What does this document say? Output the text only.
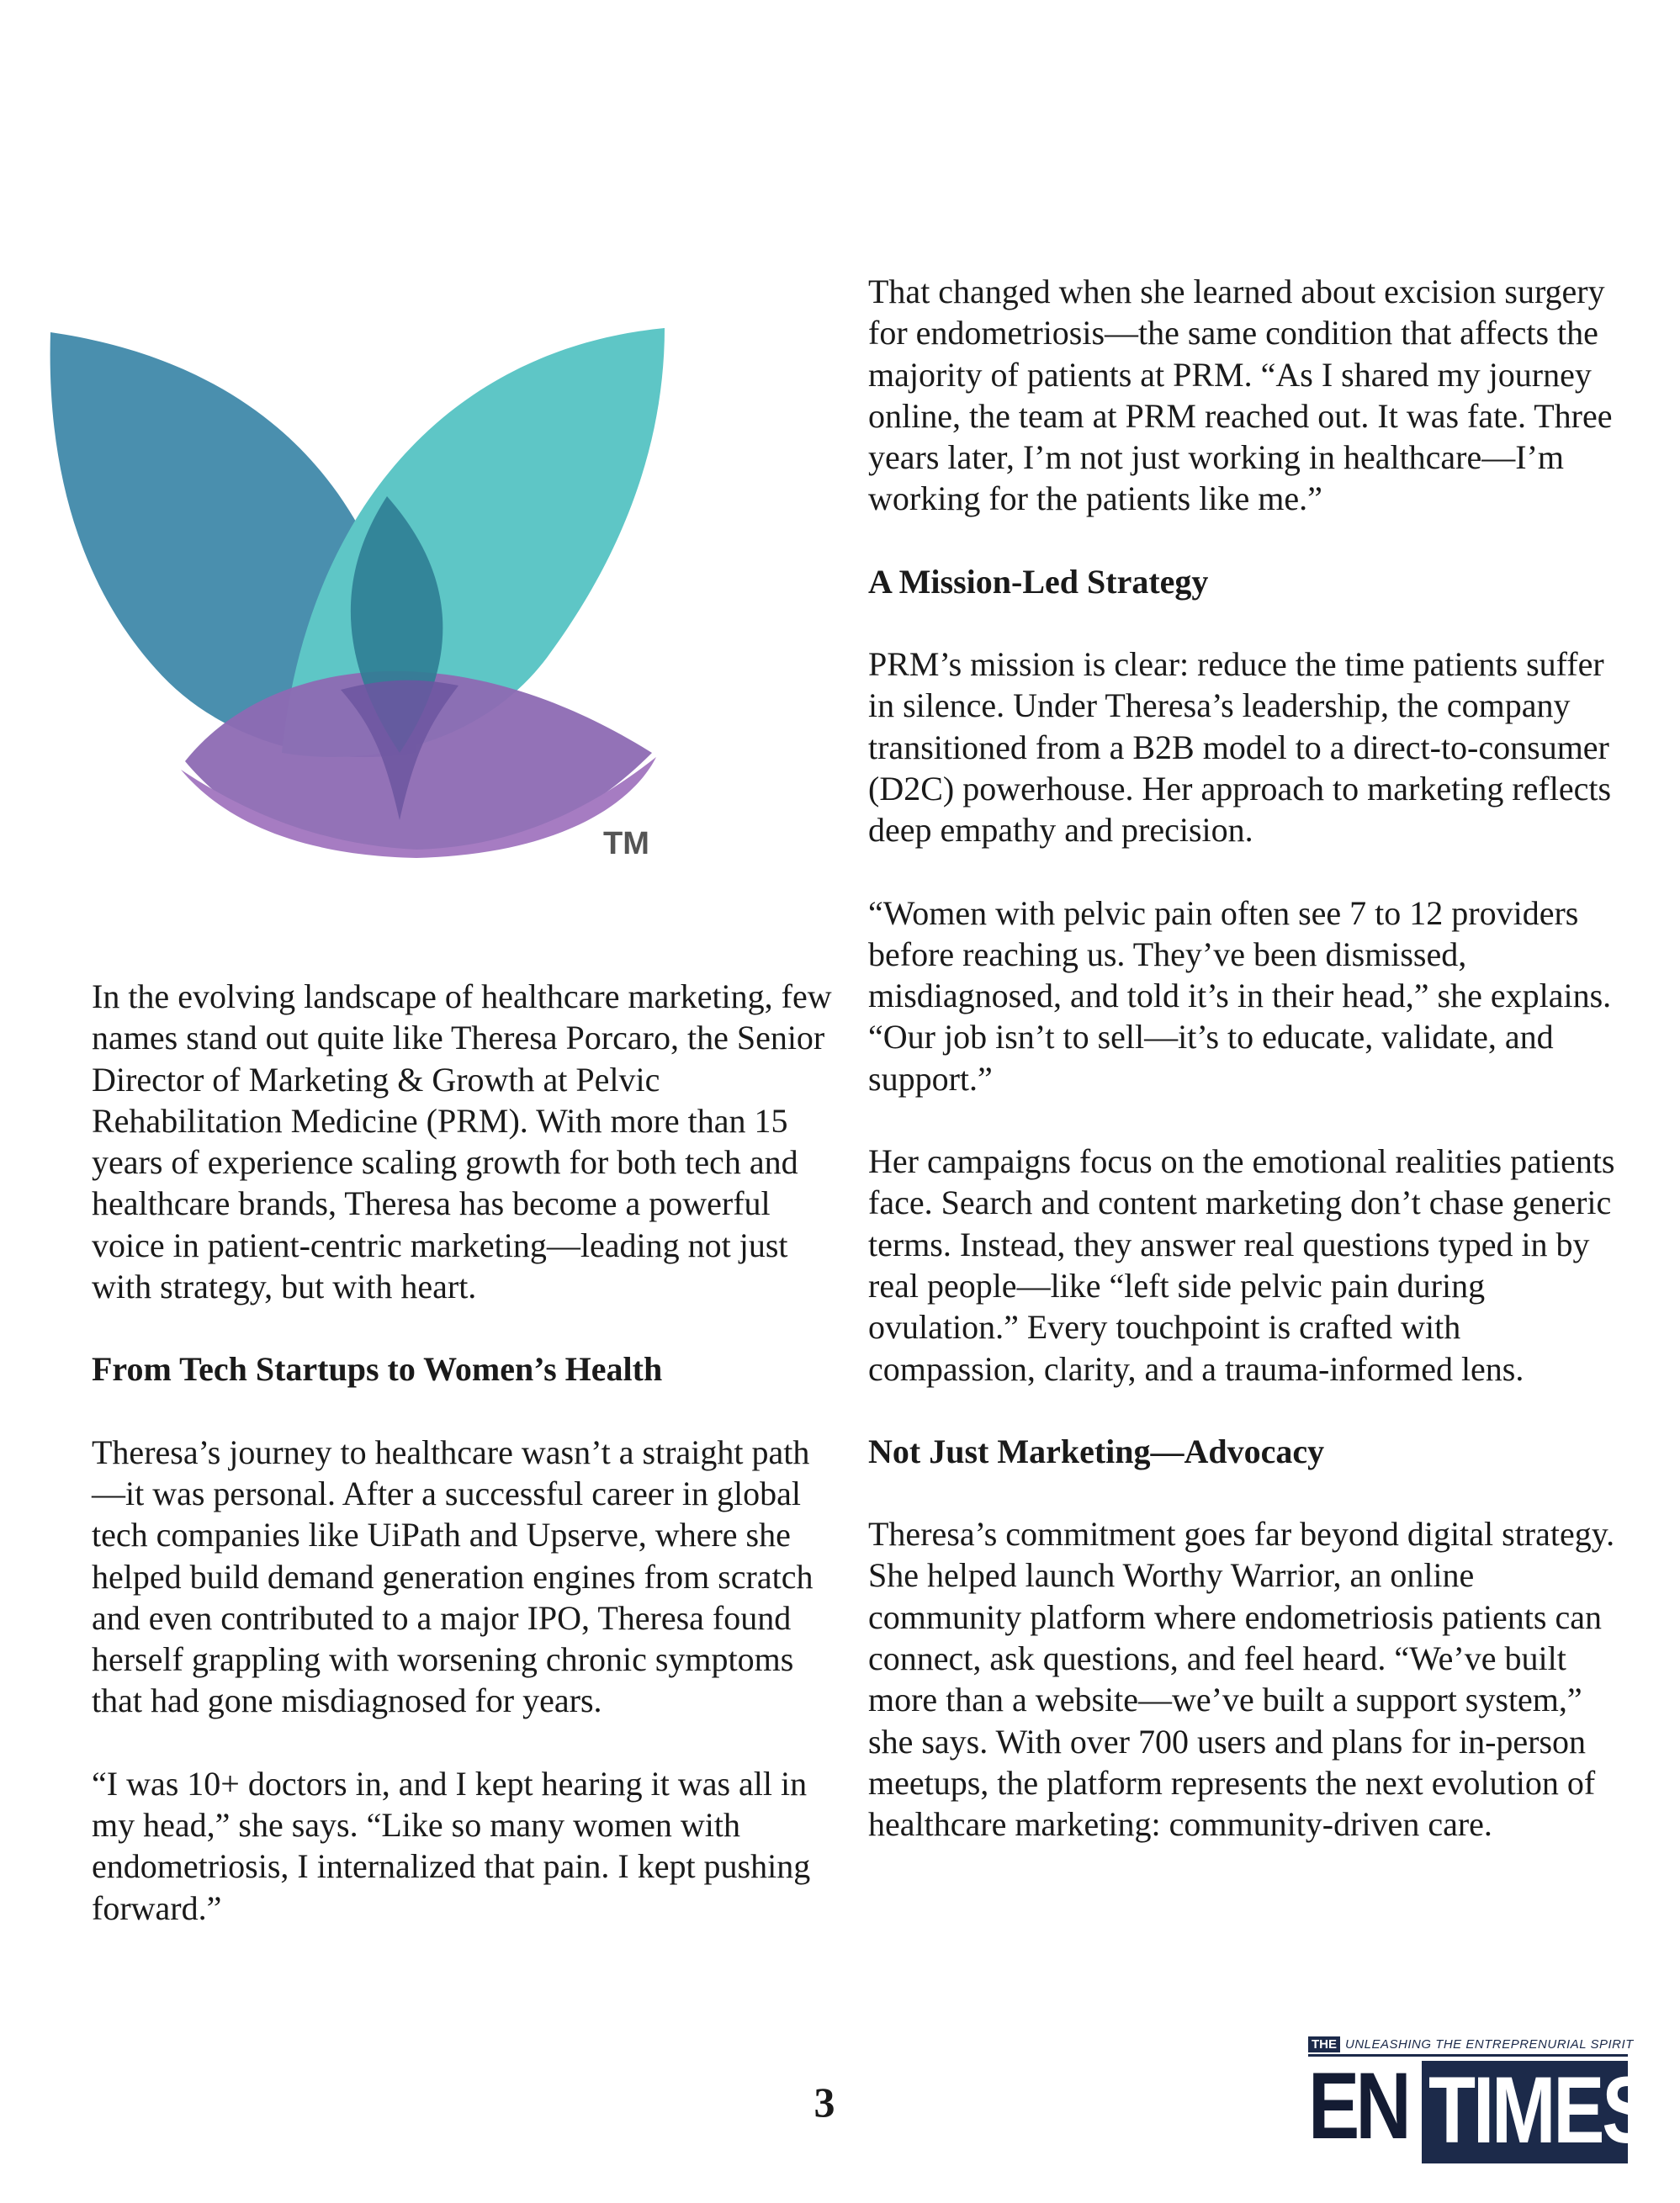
TM

In the evolving landscape of healthcare marketing, few names stand out quite like Theresa Porcaro, the Senior Director of Marketing & Growth at Pelvic Rehabilitation Medicine (PRM). With more than 15 years of experience scaling growth for both tech and healthcare brands, Theresa has become a powerful voice in patient-centric marketing—leading not just with strategy, but with heart.

From Tech Startups to Women’s Health

Theresa’s journey to healthcare wasn’t a straight path—it was personal. After a successful career in global tech companies like UiPath and Upserve, where she helped build demand generation engines from scratch and even contributed to a major IPO, Theresa found herself grappling with worsening chronic symptoms that had gone misdiagnosed for years.

“I was 10+ doctors in, and I kept hearing it was all in my head,” she says. “Like so many women with endometriosis, I internalized that pain. I kept pushing forward.”

That changed when she learned about excision surgery for endometriosis—the same condition that affects the majority of patients at PRM. “As I shared my journey online, the team at PRM reached out. It was fate. Three years later, I’m not just working in healthcare—I’m working for the patients like me.”

A Mission-Led Strategy

PRM’s mission is clear: reduce the time patients suffer in silence. Under Theresa’s leadership, the company transitioned from a B2B model to a direct-to-consumer (D2C) powerhouse. Her approach to marketing reflects deep empathy and precision.

“Women with pelvic pain often see 7 to 12 providers before reaching us. They’ve been dismissed, misdiagnosed, and told it’s in their head,” she explains. “Our job isn’t to sell—it’s to educate, validate, and support.”

Her campaigns focus on the emotional realities patients face. Search and content marketing don’t chase generic terms. Instead, they answer real questions typed in by real people—like “left side pelvic pain during ovulation.” Every touchpoint is crafted with compassion, clarity, and a trauma-informed lens.

Not Just Marketing—Advocacy

Theresa’s commitment goes far beyond digital strategy. She helped launch Worthy Warrior, an online community platform where endometriosis patients can connect, ask questions, and feel heard. “We’ve built more than a website—we’ve built a support system,” she says. With over 700 users and plans for in-person meetups, the platform represents the next evolution of healthcare marketing: community-driven care.

3
THE UNLEASHING THE ENTREPRENURIAL SPIRIT
EN TIMES
